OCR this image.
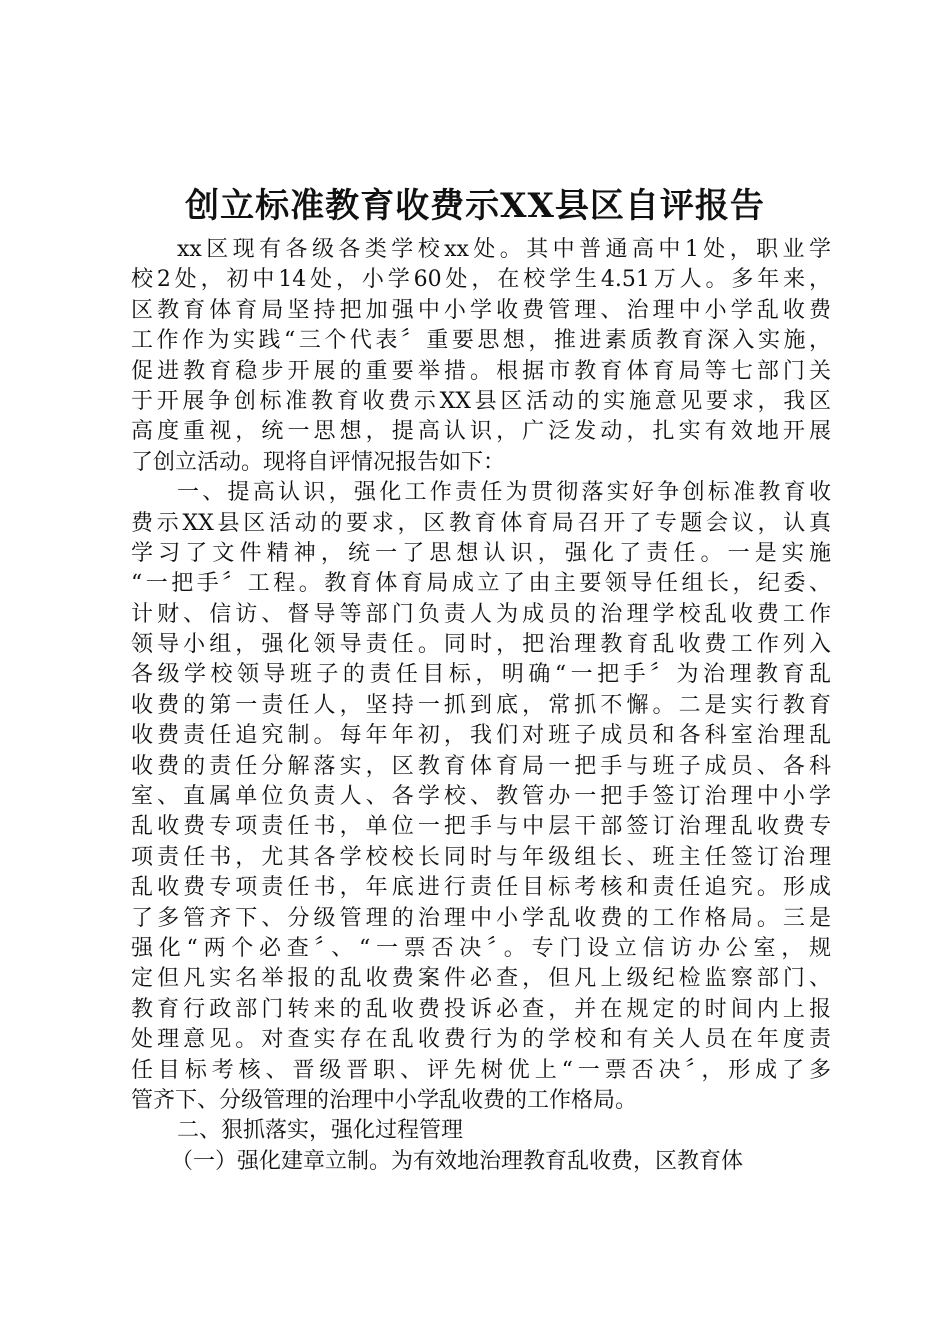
创立标准教育收费示XX县区自评报告
xx区现有各级各类学校xx处。其中普通高中1处，职业学
校2处，初中14处，小学60处，在校学生4.51万人。多年来，
区教育体育局坚持把加强中小学收费管理、治理中小学乱收费
工作作为实践“三个代表〞重要思想，推进素质教育深入实施，
促进教育稳步开展的重要举措。根据市教育体育局等七部门关
于开展争创标准教育收费示XX县区活动的实施意见要求，我区
高度重视，统一思想，提高认识，广泛发动，扎实有效地开展
了创立活动。现将自评情况报告如下：
一、提高认识，强化工作责任为贯彻落实好争创标准教育收
费示XX县区活动的要求，区教育体育局召开了专题会议，认真
学习了文件精神，统一了思想认识，强化了责任。一是实施
“一把手〞工程。教育体育局成立了由主要领导任组长，纪委、
计财、信访、督导等部门负责人为成员的治理学校乱收费工作
领导小组，强化领导责任。同时，把治理教育乱收费工作列入
各级学校领导班子的责任目标，明确“一把手〞为治理教育乱
收费的第一责任人，坚持一抓到底，常抓不懈。二是实行教育
收费责任追究制。每年年初，我们对班子成员和各科室治理乱
收费的责任分解落实，区教育体育局一把手与班子成员、各科
室、直属单位负责人、各学校、教管办一把手签订治理中小学
乱收费专项责任书，单位一把手与中层干部签订治理乱收费专
项责任书，尤其各学校校长同时与年级组长、班主任签订治理
乱收费专项责任书，年底进行责任目标考核和责任追究。形成
了多管齐下、分级管理的治理中小学乱收费的工作格局。三是
强化“两个必查〞、“一票否决〞。专门设立信访办公室，规
定但凡实名举报的乱收费案件必查，但凡上级纪检监察部门、
教育行政部门转来的乱收费投诉必查，并在规定的时间内上报
处理意见。对查实存在乱收费行为的学校和有关人员在年度责
任目标考核、晋级晋职、评先树优上“一票否决〞，形成了多
管齐下、分级管理的治理中小学乱收费的工作格局。
二、狠抓落实，强化过程管理
（一）强化建章立制。为有效地治理教育乱收费，区教育体
